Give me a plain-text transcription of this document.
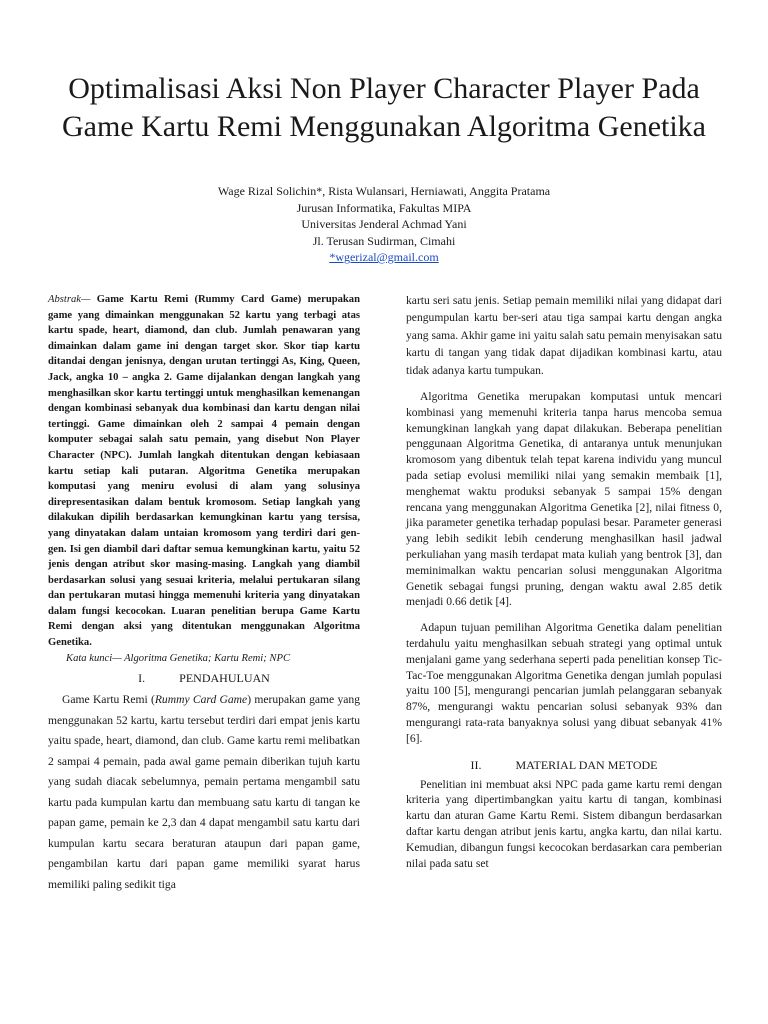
Optimalisasi Aksi Non Player Character Player Pada
Game Kartu Remi Menggunakan Algoritma Genetika
Wage Rizal Solichin*, Rista Wulansari, Herniawati, Anggita Pratama
Jurusan Informatika, Fakultas MIPA
Universitas Jenderal Achmad Yani
Jl. Terusan Sudirman, Cimahi
*wgerizal@gmail.com

Abstrak— Game Kartu Remi (Rummy Card Game) merupakan game yang dimainkan menggunakan 52 kartu yang terbagi atas kartu spade, heart, diamond, dan club. Jumlah penawaran yang dimainkan dalam game ini dengan target skor. Skor tiap kartu ditandai dengan jenisnya, dengan urutan tertinggi As, King, Queen, Jack, angka 10 – angka 2. Game dijalankan dengan langkah yang menghasilkan skor kartu tertinggi untuk menghasilkan kemenangan dengan kombinasi sebanyak dua kombinasi dan kartu dengan nilai tertinggi. Game dimainkan oleh 2 sampai 4 pemain dengan komputer sebagai salah satu pemain, yang disebut Non Player Character (NPC). Jumlah langkah ditentukan dengan kebiasaan kartu setiap kali putaran. Algoritma Genetika merupakan komputasi yang meniru evolusi di alam yang solusinya direpresentasikan dalam bentuk kromosom. Setiap langkah yang dilakukan dipilih berdasarkan kemungkinan kartu yang tersisa, yang dinyatakan dalam untaian kromosom yang terdiri dari gen-gen. Isi gen diambil dari daftar semua kemungkinan kartu, yaitu 52 jenis dengan atribut skor masing-masing. Langkah yang diambil berdasarkan solusi yang sesuai kriteria, melalui pertukaran silang dan pertukaran mutasi hingga memenuhi kriteria yang dinyatakan dalam fungsi kecocokan. Luaran penelitian berupa Game Kartu Remi dengan aksi yang ditentukan menggunakan Algoritma Genetika.

Kata kunci— Algoritma Genetika; Kartu Remi; NPC

I.	PENDAHULUAN

Game Kartu Remi (Rummy Card Game) merupakan game yang menggunakan 52 kartu, kartu tersebut terdiri dari empat jenis kartu yaitu spade, heart, diamond, dan club. Game kartu remi melibatkan 2 sampai 4 pemain, pada awal game pemain diberikan tujuh kartu yang sudah diacak sebelumnya, pemain pertama mengambil satu kartu pada kumpulan kartu dan membuang satu kartu di tangan ke papan game, pemain ke 2,3 dan 4 dapat mengambil satu kartu dari kumpulan kartu secara beraturan ataupun dari papan game, pengambilan kartu dari papan game memiliki syarat harus memiliki paling sedikit tiga

kartu seri satu jenis. Setiap pemain memiliki nilai yang didapat dari pengumpulan kartu ber-seri atau tiga sampai kartu dengan angka yang sama. Akhir game ini yaitu salah satu pemain menyisakan satu kartu di tangan yang tidak dapat dijadikan kombinasi kartu, atau tidak adanya kartu tumpukan.

Algoritma Genetika merupakan komputasi untuk mencari kombinasi yang memenuhi kriteria tanpa harus mencoba semua kemungkinan langkah yang dapat dilakukan. Beberapa penelitian penggunaan Algoritma Genetika, di antaranya untuk menunjukan kromosom yang dibentuk telah tepat karena individu yang muncul pada setiap evolusi memiliki nilai yang semakin membaik [1], menghemat waktu produksi sebanyak 5 sampai 15% dengan rencana yang menggunakan Algoritma Genetika [2], nilai fitness 0, jika parameter genetika terhadap populasi besar. Parameter generasi yang lebih sedikit lebih cenderung menghasilkan hasil jadwal perkuliahan yang masih terdapat mata kuliah yang bentrok [3], dan meminimalkan waktu pencarian solusi menggunakan Algoritma Genetik sebagai fungsi pruning, dengan waktu awal 2.85 detik menjadi 0.66 detik [4].

Adapun tujuan pemilihan Algoritma Genetika dalam penelitian terdahulu yaitu menghasilkan sebuah strategi yang optimal untuk menjalani game yang sederhana seperti pada penelitian konsep Tic-Tac-Toe menggunakan Algoritma Genetika dengan jumlah populasi yaitu 100 [5], mengurangi pencarian jumlah pelanggaran sebanyak 87%, mengurangi waktu pencarian solusi sebanyak 93% dan mengurangi rata-rata banyaknya solusi yang dibuat sebanyak 41% [6].

II.	MATERIAL DAN METODE

Penelitian ini membuat aksi NPC pada game kartu remi dengan kriteria yang dipertimbangkan yaitu kartu di tangan, kombinasi kartu dan aturan Game Kartu Remi. Sistem dibangun berdasarkan daftar kartu dengan atribut jenis kartu, angka kartu, dan nilai kartu. Kemudian, dibangun fungsi kecocokan berdasarkan cara pemberian nilai pada satu set
